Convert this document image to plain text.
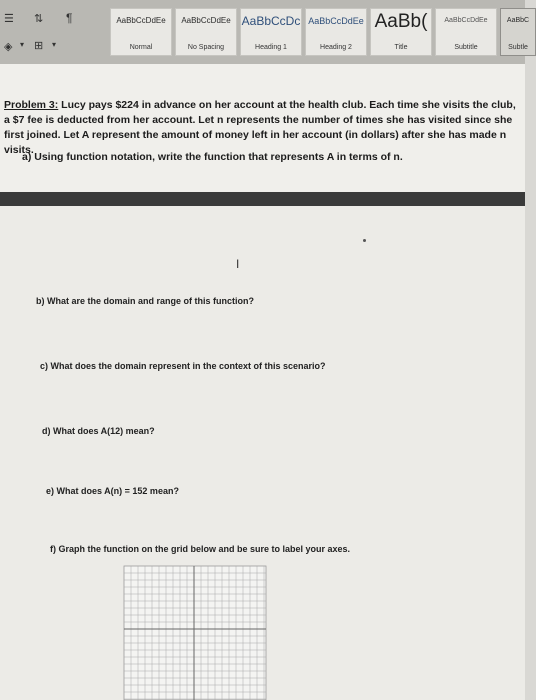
☰ ⇅ ¶
◈ ▾ ⊞ ▾
AaBbCcDdEe
Normal
AaBbCcDdEe
No Spacing
AaBbCcDc
Heading 1
AaBbCcDdEe
Heading 2
AaBb(
Title
AaBbCcDdEe
Subtitle
AaBbC
Subtle
Problem 3: Lucy pays $224 in advance on her account at the health club. Each time she visits the club, a $7 fee is deducted from her account. Let n represents the number of times she has visited since she first joined. Let A represent the amount of money left in her account (in dollars) after she has made n visits.
a) Using function notation, write the function that represents A in terms of n.
I
b) What are the domain and range of this function?
c) What does the domain represent in the context of this scenario?
d) What does A(12) mean?
e) What does A(n) = 152 mean?
f) Graph the function on the grid below and be sure to label your axes.
